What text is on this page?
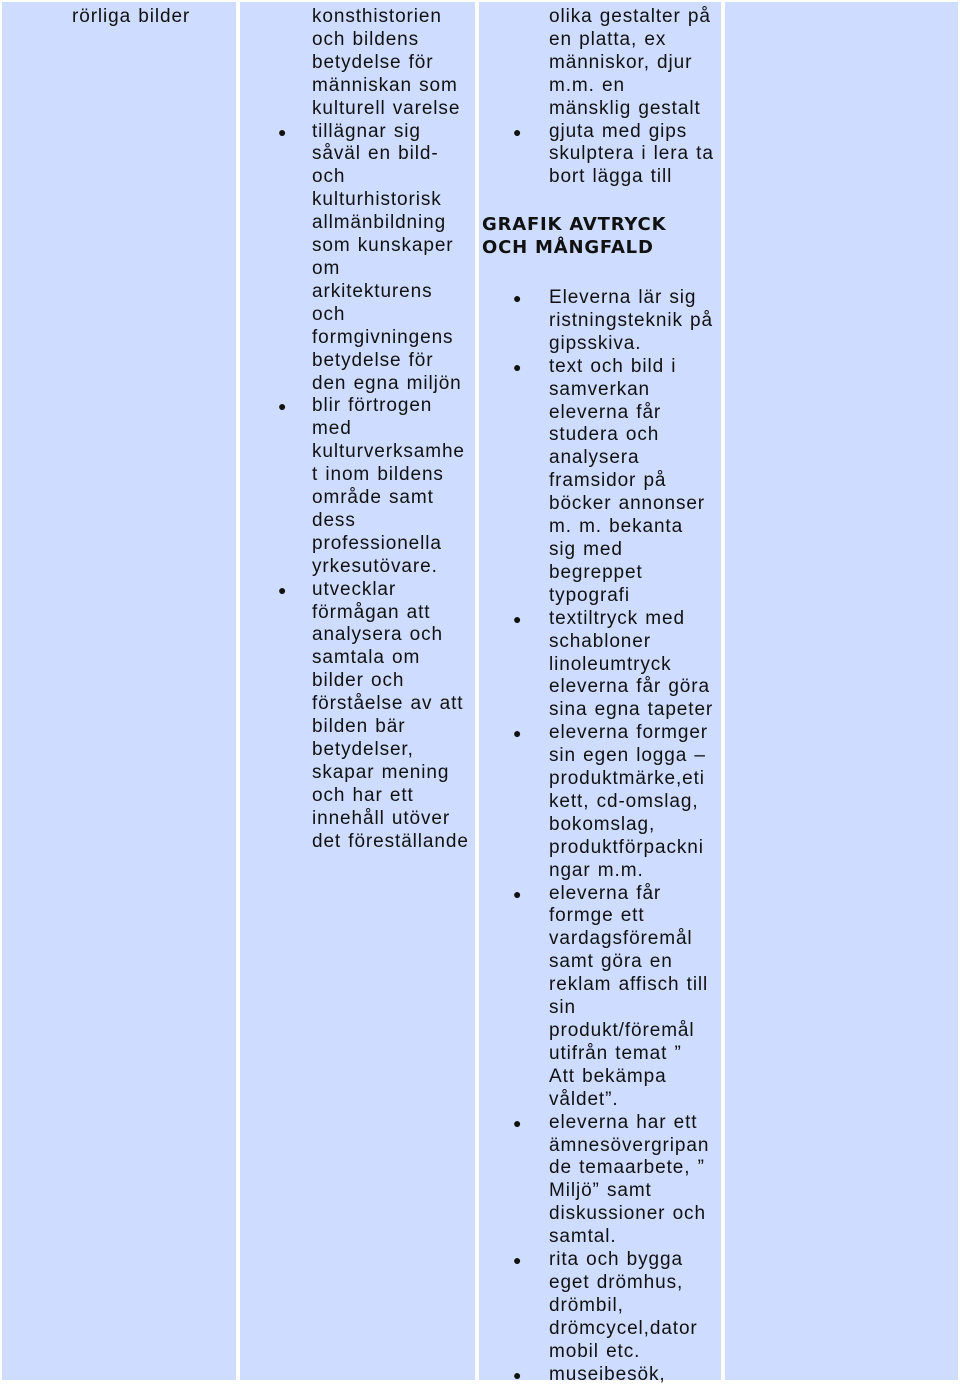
rörliga bilder	konsthistorien
och bildens
betydelse för
människan som
kulturell varelse
● tillägnar sig
såväl en bild-
och
kulturhistorisk
allmänbildning
som kunskaper
om
arkitekturens
och
formgivningens
betydelse för
den egna miljön
● blir förtrogen
med
kulturverksamhe
t inom bildens
område samt
dess
professionella
yrkesutövare.
● utvecklar
förmågan att
analysera och
samtala om
bilder och
förståelse av att
bilden bär
betydelser,
skapar mening
och har ett
innehåll utöver
det föreställande
olika gestalter på
en platta, ex
människor, djur
m.m. en
mänsklig gestalt
● gjuta med gips
skulptera i lera ta
bort lägga till
GRAFIK AVTRYCK
OCH MÅNGFALD
● Eleverna lär sig
ristningsteknik på
gipsskiva.
● text och bild i
samverkan
eleverna får
studera och
analysera
framsidor på
böcker annonser
m. m. bekanta
sig med
begreppet
typografi
● textiltryck med
schabloner
linoleumtryck
eleverna får göra
sina egna tapeter
● eleverna formger
sin egen logga –
produktmärke,eti
kett, cd-omslag,
bokomslag,
produktförpackni
ngar m.m.
● eleverna får
formge ett
vardagsföremål
samt göra en
reklam affisch till
sin
produkt/föremål
utifrån temat ”
Att bekämpa
våldet”.
● eleverna har ett
ämnesövergripan
de temaarbete, ”
Miljö” samt
diskussioner och
samtal.
● rita och bygga
eget drömhus,
drömbil,
drömcycel,dator
mobil etc.
● museibesök,
